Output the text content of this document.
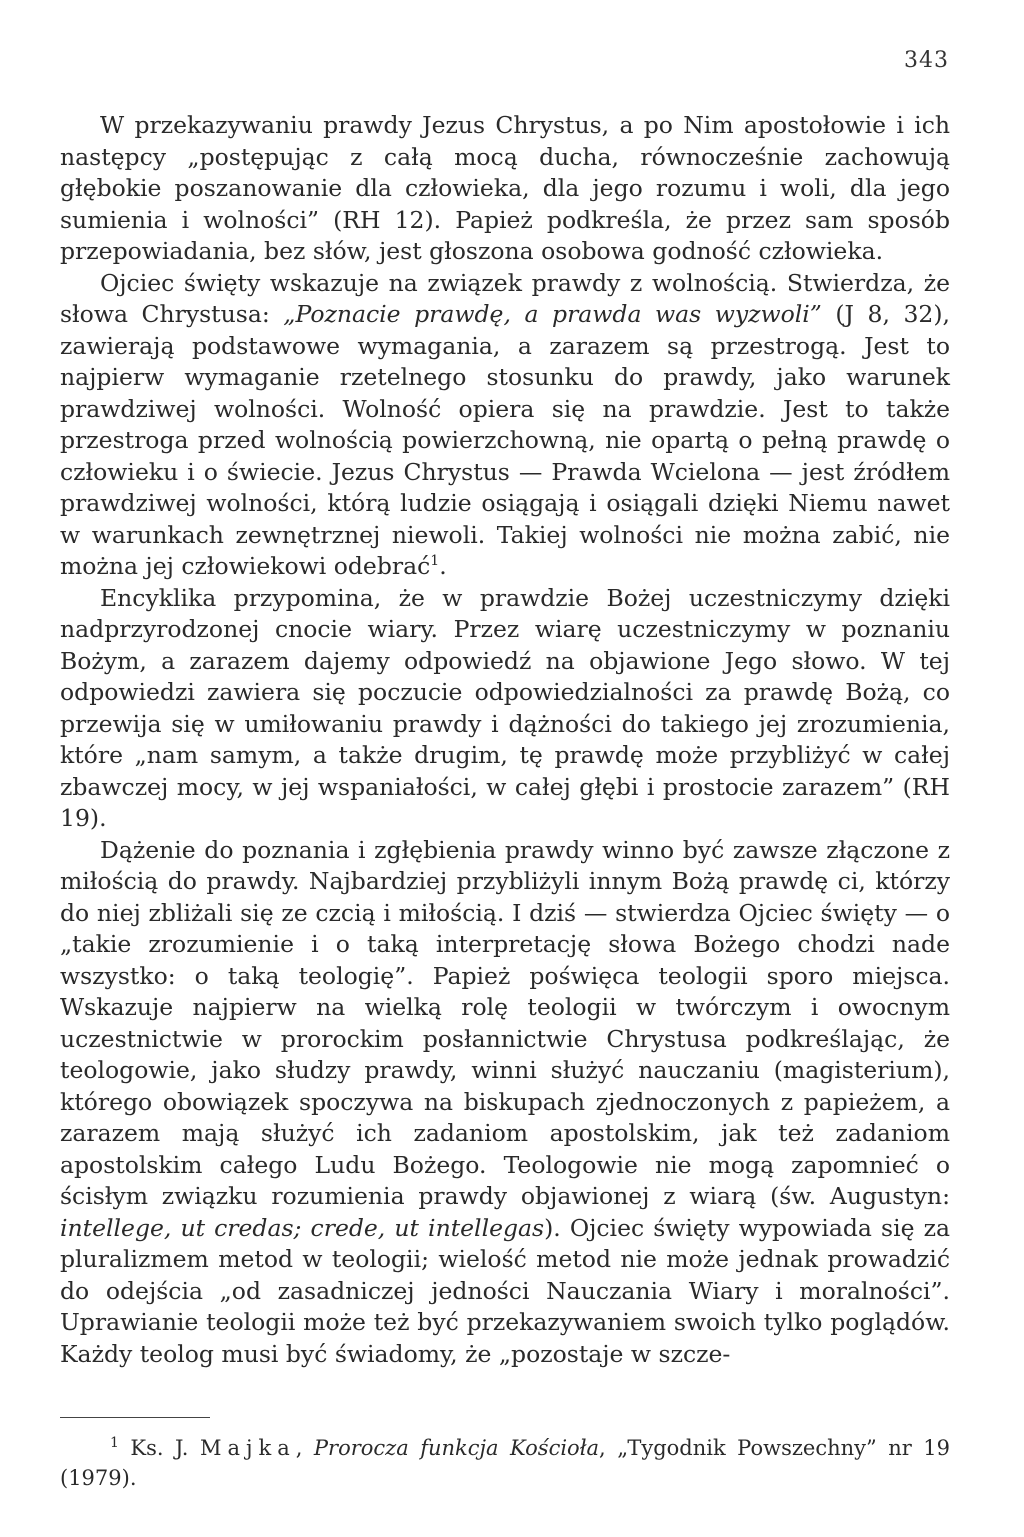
343

W przekazywaniu prawdy Jezus Chrystus, a po Nim apostołowie i ich następcy „postępując z całą mocą ducha, równocześnie zachowują głębokie poszanowanie dla człowieka, dla jego rozumu i woli, dla jego sumienia i wolności” (RH 12). Papież podkreśla, że przez sam sposób przepowiadania, bez słów, jest głoszona osobowa godność człowieka.

Ojciec święty wskazuje na związek prawdy z wolnością. Stwierdza, że słowa Chrystusa: „Poznacie prawdę, a prawda was wyzwoli” (J 8, 32), zawierają podstawowe wymagania, a zarazem są przestrogą. Jest to najpierw wymaganie rzetelnego stosunku do prawdy, jako warunek prawdziwej wolności. Wolność opiera się na prawdzie. Jest to także przestroga przed wolnością powierzchowną, nie opartą o pełną prawdę o człowieku i o świecie. Jezus Chrystus — Prawda Wcielona — jest źródłem prawdziwej wolności, którą ludzie osiągają i osiągali dzięki Niemu nawet w warunkach zewnętrznej niewoli. Takiej wolności nie można zabić, nie można jej człowiekowi odebrać$^1$.

Encyklika przypomina, że w prawdzie Bożej uczestniczymy dzięki nadprzyrodzonej cnocie wiary. Przez wiarę uczestniczymy w poznaniu Bożym, a zarazem dajemy odpowiedź na objawione Jego słowo. W tej odpowiedzi zawiera się poczucie odpowiedzialności za prawdę Bożą, co przewija się w umiłowaniu prawdy i dążności do takiego jej zrozumienia, które „nam samym, a także drugim, tę prawdę może przybliżyć w całej zbawczej mocy, w jej wspaniałości, w całej głębi i prostocie zarazem” (RH 19).

Dążenie do poznania i zgłębienia prawdy winno być zawsze złączone z miłością do prawdy. Najbardziej przybliżyli innym Bożą prawdę ci, którzy do niej zbliżali się ze czcią i miłością. I dziś — stwierdza Ojciec święty — o „takie zrozumienie i o taką interpretację słowa Bożego chodzi nade wszystko: o taką teologię”. Papież poświęca teologii sporo miejsca. Wskazuje najpierw na wielką rolę teologii w twórczym i owocnym uczestnictwie w prorockim posłannictwie Chrystusa podkreślając, że teologowie, jako słudzy prawdy, winni służyć nauczaniu (magisterium), którego obowiązek spoczywa na biskupach zjednoczonych z papieżem, a zarazem mają służyć ich zadaniom apostolskim, jak też zadaniom apostolskim całego Ludu Bożego. Teologowie nie mogą zapomnieć o ścisłym związku rozumienia prawdy objawionej z wiarą (św. Augustyn: intellege, ut credas; crede, ut intellegas). Ojciec święty wypowiada się za pluralizmem metod w teologii; wielość metod nie może jednak prowadzić do odejścia „od zasadniczej jedności Nauczania Wiary i moralności”. Uprawianie teologii może też być przekazywaniem swoich tylko poglądów. Każdy teolog musi być świadomy, że „pozostaje w szcze-

$^1$ Ks. J. Majka, Prorocza funkcja Kościoła, „Tygodnik Powszechny” nr 19 (1979).
